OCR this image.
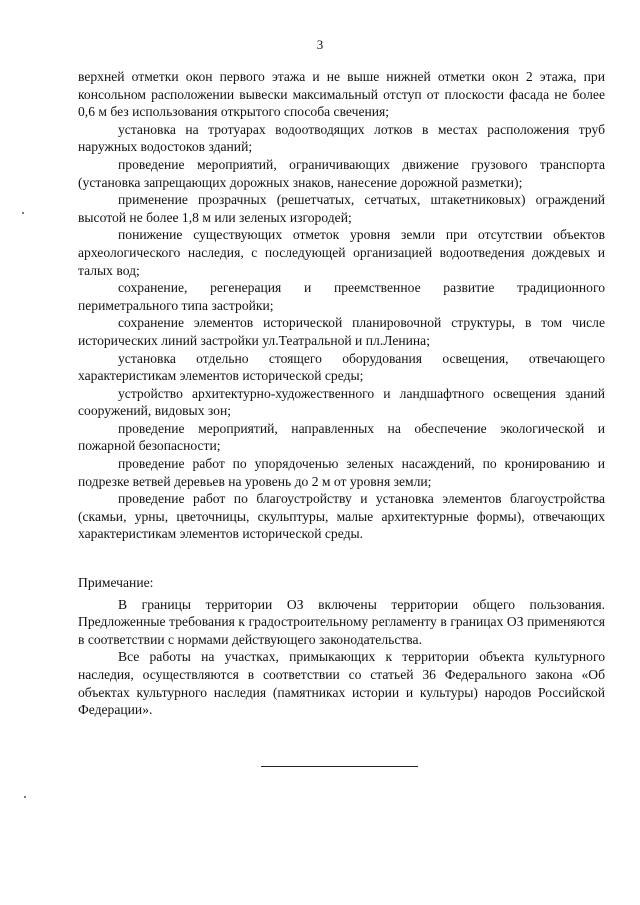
3

верхней отметки окон первого этажа и не выше нижней отметки окон 2 этажа, при консольном расположении вывески максимальный отступ от плоскости фасада не более 0,6 м без использования открытого способа свечения;

установка на тротуарах водоотводящих лотков в местах расположения труб наружных водостоков зданий;

проведение мероприятий, ограничивающих движение грузового транспорта (установка запрещающих дорожных знаков, нанесение дорожной разметки);

применение прозрачных (решетчатых, сетчатых, штакетниковых) ограждений высотой не более 1,8 м или зеленых изгородей;

понижение существующих отметок уровня земли при отсутствии объектов археологического наследия, с последующей организацией водоотведения дождевых и талых вод;

сохранение, регенерация и преемственное развитие традиционного периметрального типа застройки;

сохранение элементов исторической планировочной структуры, в том числе исторических линий застройки ул.Театральной и пл.Ленина;

установка отдельно стоящего оборудования освещения, отвечающего характеристикам элементов исторической среды;

устройство архитектурно-художественного и ландшафтного освещения зданий сооружений, видовых зон;

проведение мероприятий, направленных на обеспечение экологической и пожарной безопасности;

проведение работ по упорядоченью зеленых насаждений, по кронированию и подрезке ветвей деревьев на уровень до 2 м от уровня земли;

проведение работ по благоустройству и установка элементов благоустройства (скамьи, урны, цветочницы, скульптуры, малые архитектурные формы), отвечающих характеристикам элементов исторической среды.

Примечание:

В границы территории ОЗ включены территории общего пользования. Предложенные требования к градостроительному регламенту в границах ОЗ применяются в соответствии с нормами действующего законодательства.

Все работы на участках, примыкающих к территории объекта культурного наследия, осуществляются в соответствии со статьей 36 Федерального закона «Об объектах культурного наследия (памятниках истории и культуры) народов Российской Федерации».
